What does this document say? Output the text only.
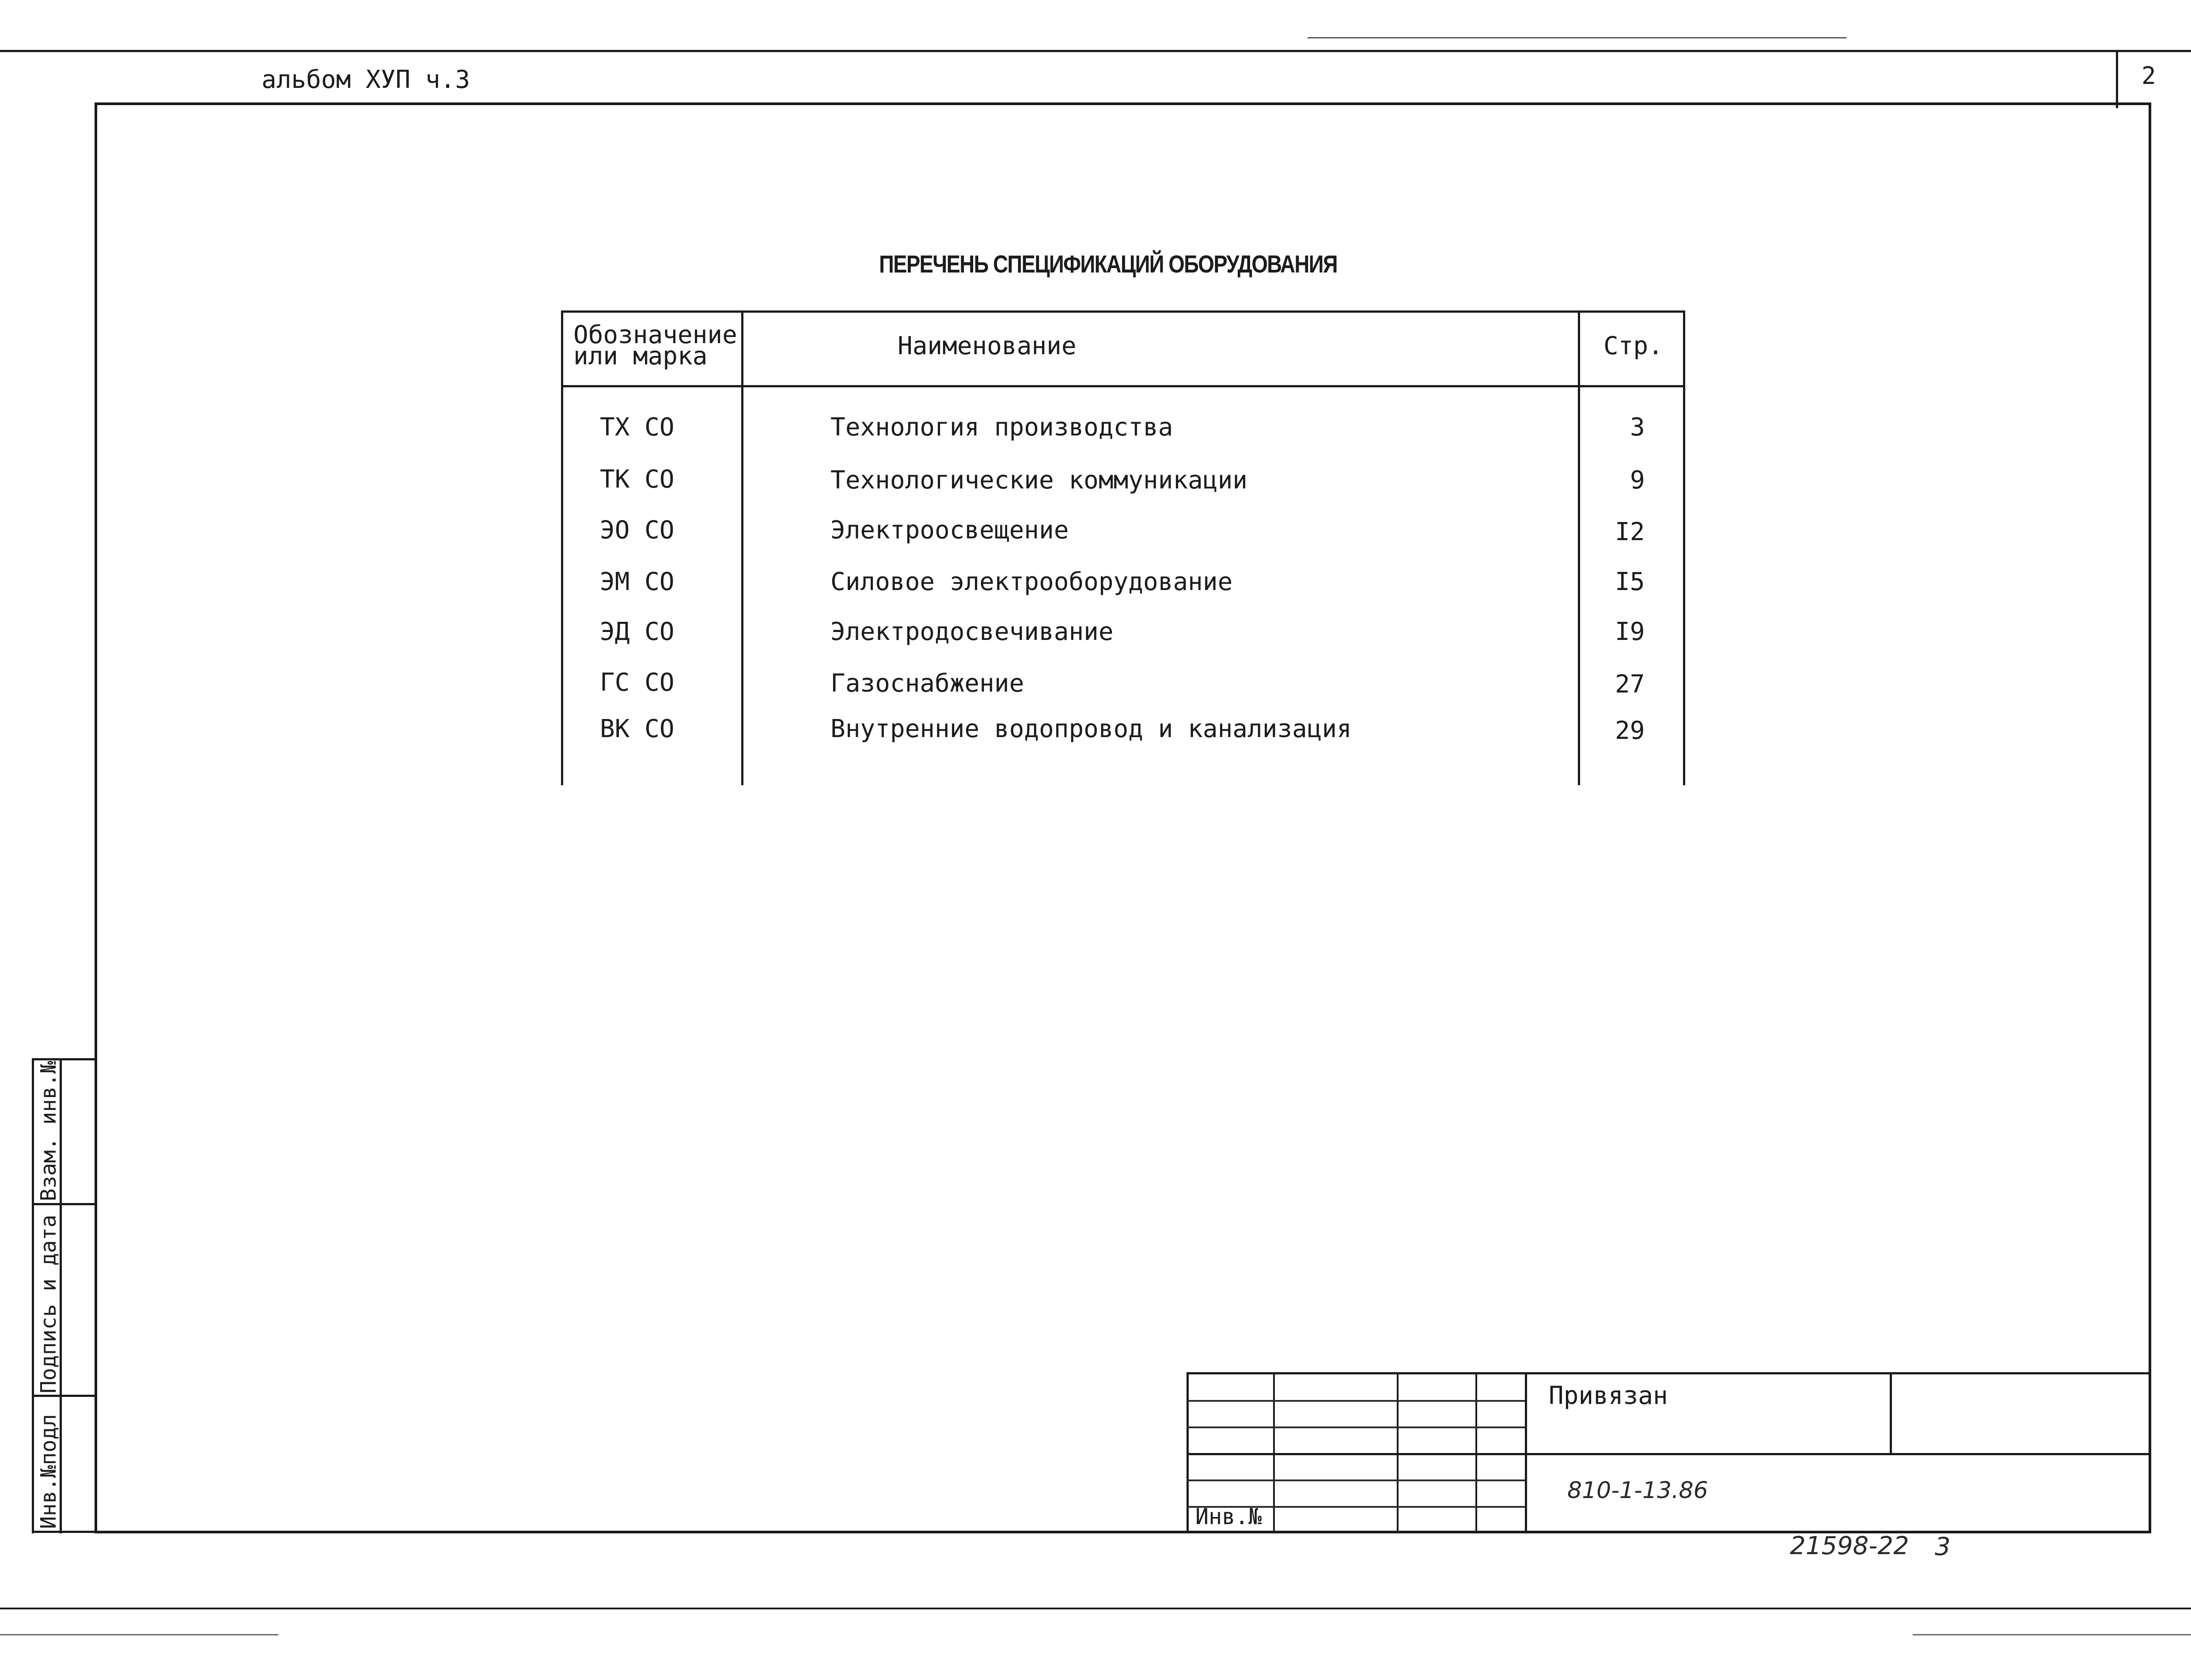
альбом ХУП ч.3	2
ПЕРЕЧЕНЬ СПЕЦИФИКАЦИЙ ОБОРУДОВАНИЯ
Обозначение
или марка	Наименование	Стр.
ТХ СО	Технология производства	3
ТК СО	Технологические коммуникации	9
ЭО СО	Электроосвещение	I2
ЭМ СО	Силовое электрооборудование	I5
ЭД СО	Электродосвечивание	I9
ГС СО	Газоснабжение	27
ВК СО	Внутренние водопровод и канализация	29
Взам. инв.№
Подпись и дата
Инв.№подл
Привязан
810-1-13.86
Инв.№
21598-22 3
